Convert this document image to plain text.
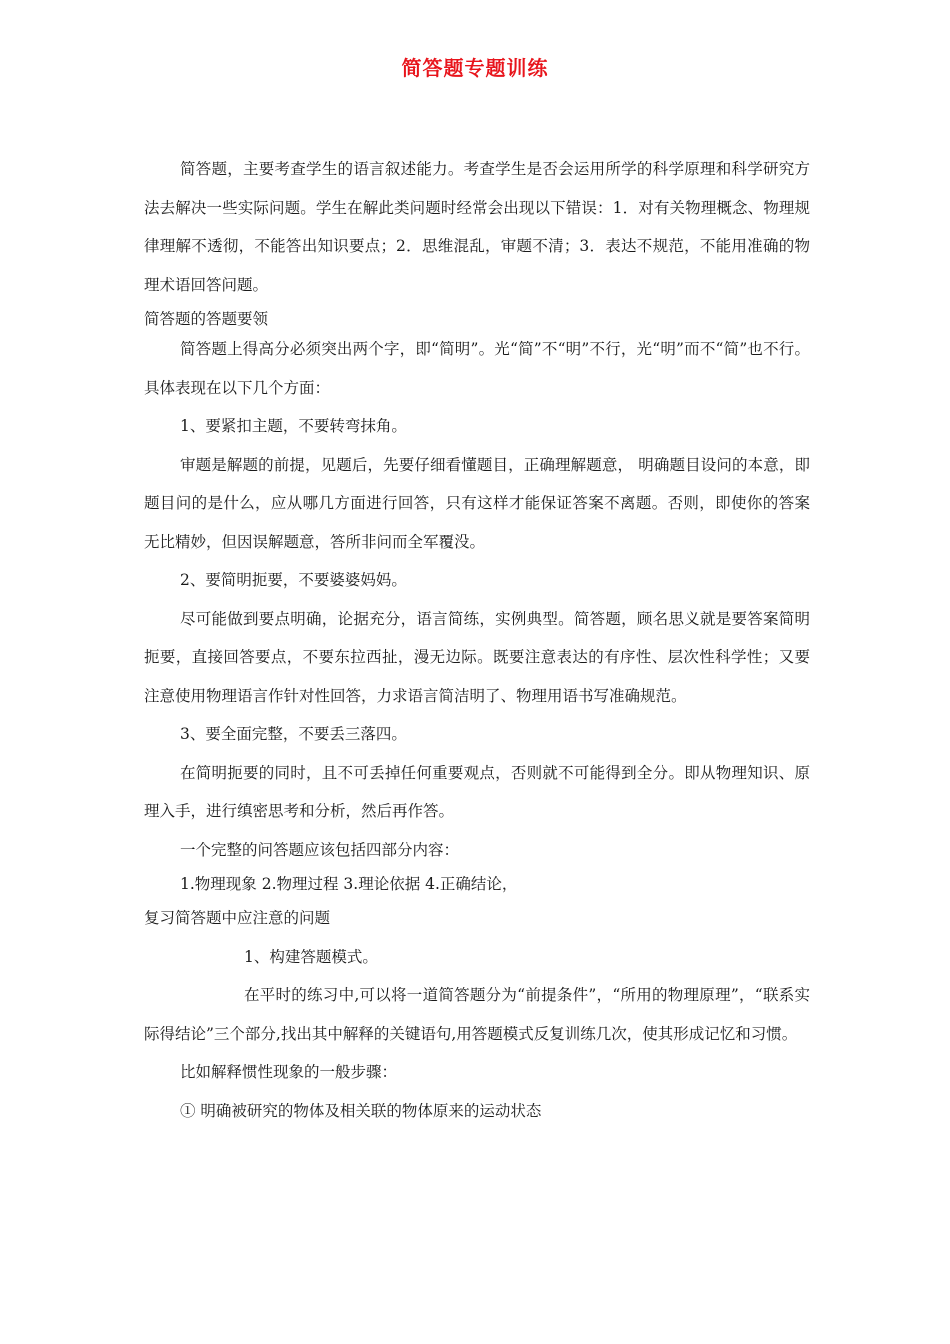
简答题专题训练

简答题，主要考查学生的语言叙述能力。考查学生是否会运用所学的科学原理和科学研究方法去解决一些实际问题。学生在解此类问题时经常会出现以下错误：1．对有关物理概念、物理规律理解不透彻，不能答出知识要点；2．思维混乱，审题不清；3．表达不规范，不能用准确的物理术语回答问题。

简答题的答题要领

简答题上得高分必须突出两个字，即“简明”。光“简”不“明”不行，光“明”而不“简”也不行。具体表现在以下几个方面：

1、要紧扣主题，不要转弯抹角。

审题是解题的前提，见题后，先要仔细看懂题目，正确理解题意， 明确题目设问的本意，即题目问的是什么，应从哪几方面进行回答，只有这样才能保证答案不离题。否则，即使你的答案无比精妙，但因误解题意，答所非问而全军覆没。

2、要简明扼要，不要婆婆妈妈。

尽可能做到要点明确，论据充分，语言简练，实例典型。简答题，顾名思义就是要答案简明扼要，直接回答要点，不要东拉西扯，漫无边际。既要注意表达的有序性、层次性科学性；又要注意使用物理语言作针对性回答，力求语言简洁明了、物理用语书写准确规范。

3、要全面完整，不要丢三落四。

在简明扼要的同时，且不可丢掉任何重要观点，否则就不可能得到全分。即从物理知识、原理入手，进行缜密思考和分析，然后再作答。

一个完整的问答题应该包括四部分内容：

1.物理现象 2.物理过程 3.理论依据 4.正确结论，

复习简答题中应注意的问题

1、构建答题模式。

在平时的练习中,可以将一道简答题分为“前提条件”，“所用的物理原理”，“联系实际得结论”三个部分,找出其中解释的关键语句,用答题模式反复训练几次，使其形成记忆和习惯。

比如解释惯性现象的一般步骤：

① 明确被研究的物体及相关联的物体原来的运动状态
